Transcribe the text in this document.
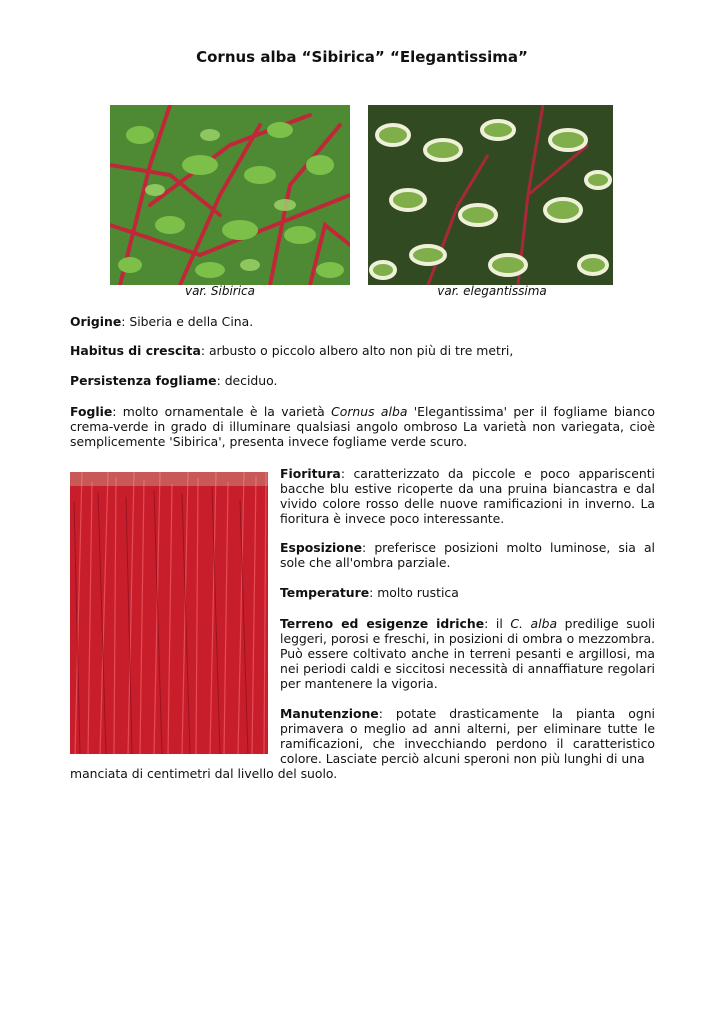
Cornus alba “Sibirica” “Elegantissima”
var. Sibirica	var. elegantissima
Origine: Siberia e della Cina.
Habitus di crescita: arbusto o piccolo albero alto non più di tre metri,
Persistenza fogliame: deciduo.
Foglie: molto ornamentale è la varietà Cornus alba 'Elegantissima' per il fogliame bianco crema-verde in grado di illuminare qualsiasi angolo ombroso La varietà non variegata, cioè semplicemente 'Sibirica', presenta invece fogliame verde scuro.
Fioritura: caratterizzato da piccole e poco appariscenti bacche blu estive ricoperte da una pruina biancastra e dal vivido colore rosso delle nuove ramificazioni in inverno. La fioritura è invece poco interessante.
Esposizione: preferisce posizioni molto luminose, sia al sole che all'ombra parziale.
Temperature: molto rustica
Terreno ed esigenze idriche: il C. alba predilige suoli leggeri, porosi e freschi, in posizioni di ombra o mezzombra. Può essere coltivato anche in terreni pesanti e argillosi, ma nei periodi caldi e siccitosi necessità di annaffiature regolari per mantenere la vigoria.
Manutenzione: potate drasticamente la pianta ogni primavera o meglio ad anni alterni, per eliminare tutte le ramificazioni, che invecchiando perdono il caratteristico colore. Lasciate perciò alcuni speroni non più lunghi di una
manciata di centimetri dal livello del suolo.
